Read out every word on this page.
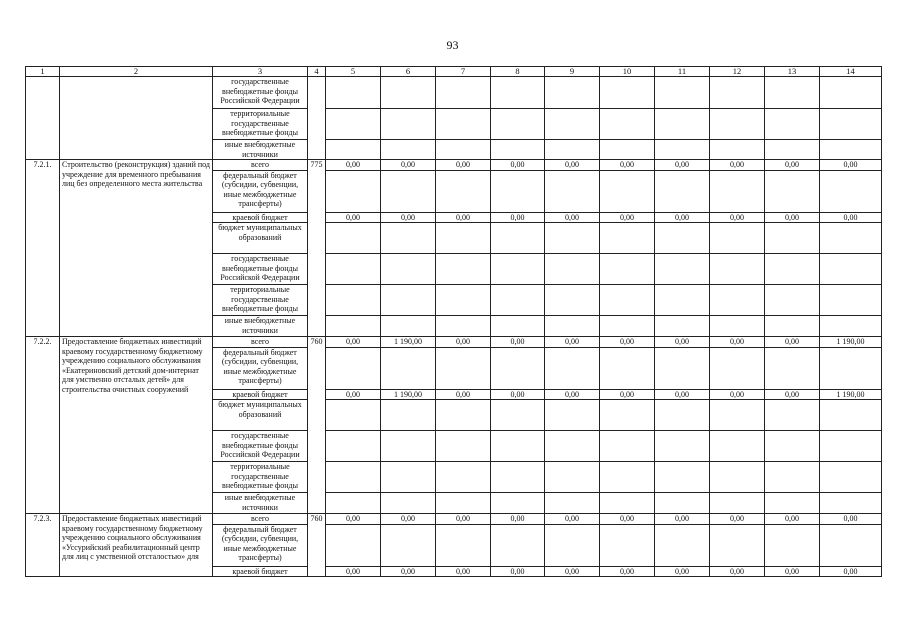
93
1	2	3	4	5	6	7	8	9	10	11	12	13	14
		государственные внебюджетные фонды Российской Федерации											
		территориальные государственные внебюджетные фонды											
		иные внебюджетные источники											
7.2.1.	Строительство (реконструкция) зданий под учреждение для временного пребывания лиц без определенного места жительства	всего	775	0,00	0,00	0,00	0,00	0,00	0,00	0,00	0,00	0,00	0,00
		федеральный бюджет (субсидии, субвенции, иные межбюджетные трансферты)											
		краевой бюджет		0,00	0,00	0,00	0,00	0,00	0,00	0,00	0,00	0,00	0,00
		бюджет муниципальных образований											
		государственные внебюджетные фонды Российской Федерации											
		территориальные государственные внебюджетные фонды											
		иные внебюджетные источники											
7.2.2.	Предоставление бюджетных инвестиций краевому государственному бюджетному учреждению социального обслуживания «Екатериновский детский дом-интернат для умственно отсталых детей» для строительства очистных сооружений	всего	760	0,00	1 190,00	0,00	0,00	0,00	0,00	0,00	0,00	0,00	1 190,00
		федеральный бюджет (субсидии, субвенции, иные межбюджетные трансферты)											
		краевой бюджет		0,00	1 190,00	0,00	0,00	0,00	0,00	0,00	0,00	0,00	1 190,00
		бюджет муниципальных образований											
		государственные внебюджетные фонды Российской Федерации											
		территориальные государственные внебюджетные фонды											
		иные внебюджетные источники											
7.2.3.	Предоставление бюджетных инвестиций краевому государственному бюджетному учреждению социального обслуживания «Уссурийский реабилитационный центр для лиц с умственной отсталостью» для	всего	760	0,00	0,00	0,00	0,00	0,00	0,00	0,00	0,00	0,00	0,00
		федеральный бюджет (субсидии, субвенции, иные межбюджетные трансферты)											
		краевой бюджет		0,00	0,00	0,00	0,00	0,00	0,00	0,00	0,00	0,00	0,00
